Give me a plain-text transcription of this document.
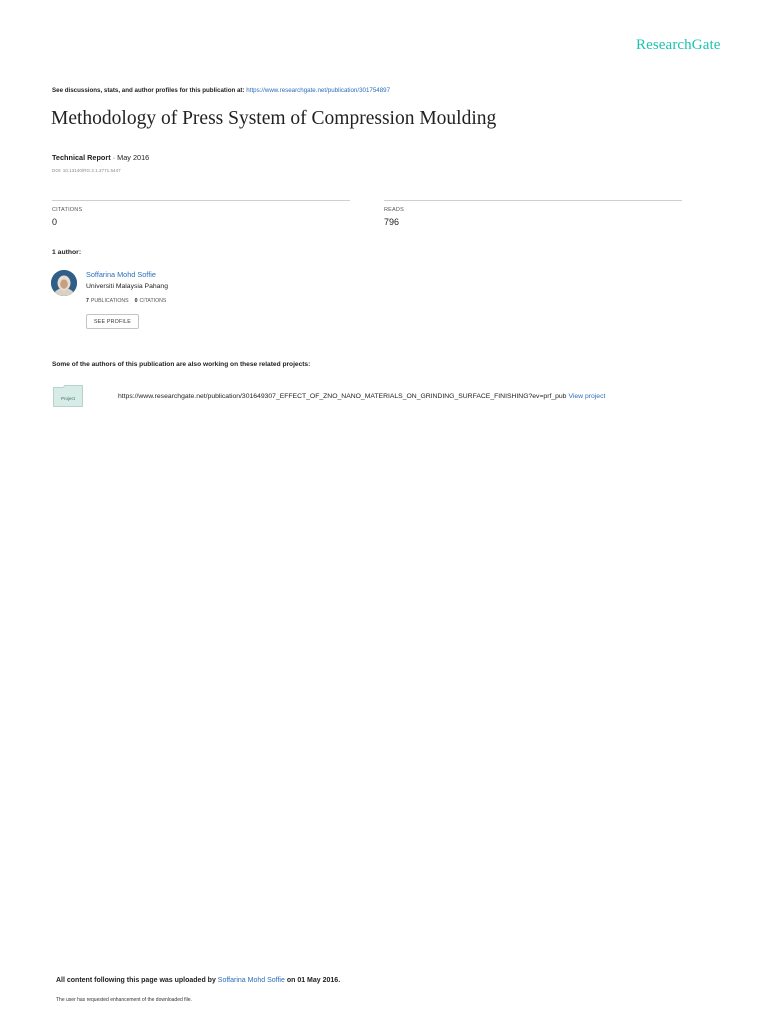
ResearchGate
See discussions, stats, and author profiles for this publication at: https://www.researchgate.net/publication/301754897
Methodology of Press System of Compression Moulding
Technical Report · May 2016
DOI: 10.13140/RG.2.1.2771.5447
CITATIONS
0
READS
796
1 author:
Soffarina Mohd Soffie
Universiti Malaysia Pahang
7 PUBLICATIONS 0 CITATIONS
SEE PROFILE
Some of the authors of this publication are also working on these related projects:
Project	https://www.researchgate.net/publication/301649307_EFFECT_OF_ZNO_NANO_MATERIALS_ON_GRINDING_SURFACE_FINISHING?ev=prf_pub View project
All content following this page was uploaded by Soffarina Mohd Soffie on 01 May 2016.
The user has requested enhancement of the downloaded file.
